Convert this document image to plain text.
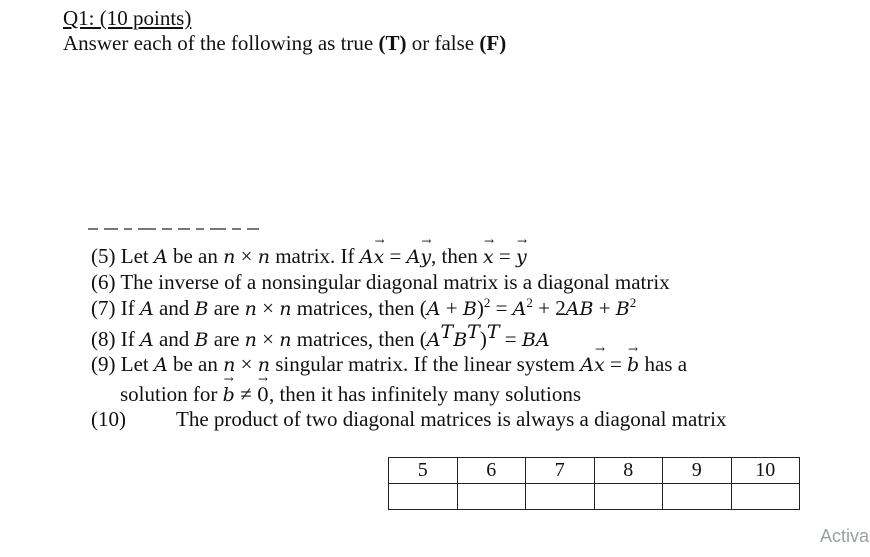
Q1: (10 points)
Answer each of the following as true (T) or false (F)
(5) Let A be an n × n matrix. If Ax → = Ay →, then x → = y →
(6) The inverse of a nonsingular diagonal matrix is a diagonal matrix
(7) If A and B are n × n matrices, then $(A + B)^2 = A^2 + 2AB + B^2$
(8) If A and B are n × n matrices, then $(A^TB^T)^T$ = BA
(9) Let A be an n × n singular matrix. If the linear system Ax → = b → has a
solution for b → ≠ 0 →, then it has infinitely many solutions
(10) The product of two diagonal matrices is always a diagonal matrix
5	6	7	8	9	10

Activa
